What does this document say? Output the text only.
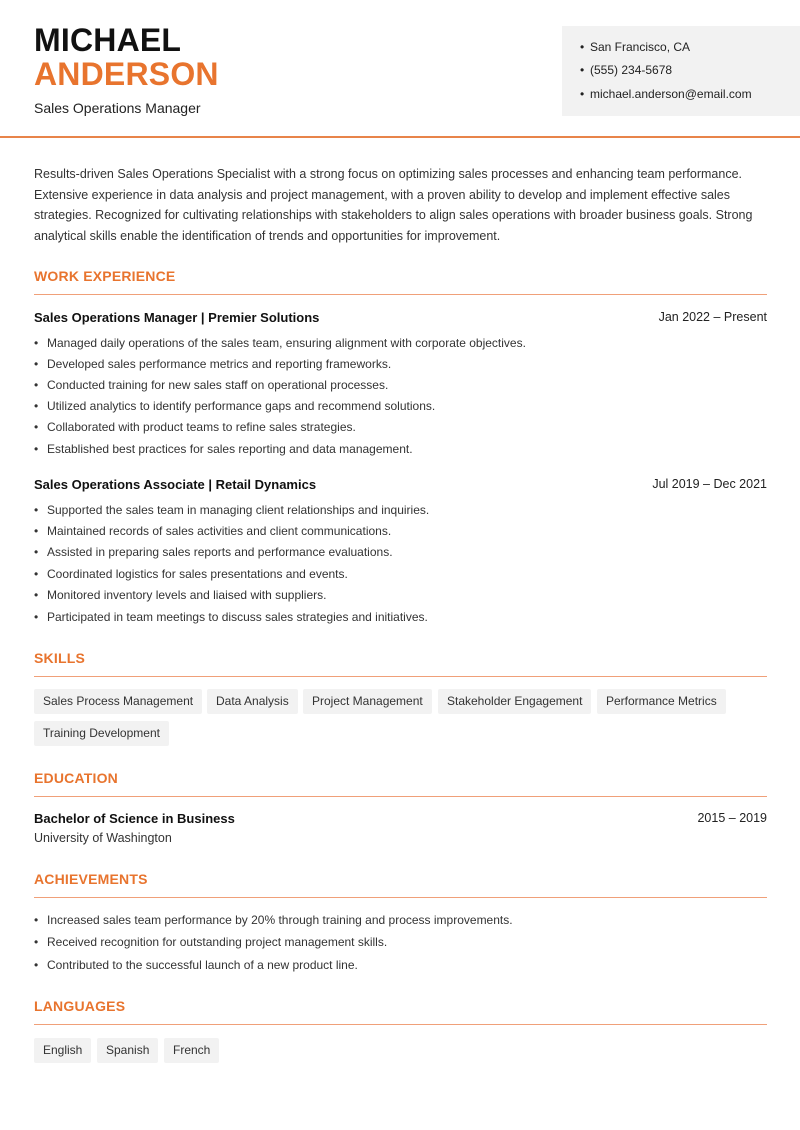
MICHAEL
ANDERSON
Sales Operations Manager
• San Francisco, CA
• (555) 234-5678
• michael.anderson@email.com
Results-driven Sales Operations Specialist with a strong focus on optimizing sales processes and enhancing team performance. Extensive experience in data analysis and project management, with a proven ability to develop and implement effective sales strategies. Recognized for cultivating relationships with stakeholders to align sales operations with broader business goals. Strong analytical skills enable the identification of trends and opportunities for improvement.
WORK EXPERIENCE
Sales Operations Manager | Premier Solutions	Jan 2022 – Present
• Managed daily operations of the sales team, ensuring alignment with corporate objectives.
• Developed sales performance metrics and reporting frameworks.
• Conducted training for new sales staff on operational processes.
• Utilized analytics to identify performance gaps and recommend solutions.
• Collaborated with product teams to refine sales strategies.
• Established best practices for sales reporting and data management.
Sales Operations Associate | Retail Dynamics	Jul 2019 – Dec 2021
• Supported the sales team in managing client relationships and inquiries.
• Maintained records of sales activities and client communications.
• Assisted in preparing sales reports and performance evaluations.
• Coordinated logistics for sales presentations and events.
• Monitored inventory levels and liaised with suppliers.
• Participated in team meetings to discuss sales strategies and initiatives.
SKILLS
Sales Process Management	Data Analysis	Project Management	Stakeholder Engagement	Performance Metrics
Training Development
EDUCATION
Bachelor of Science in Business	2015 – 2019
University of Washington
ACHIEVEMENTS
• Increased sales team performance by 20% through training and process improvements.
• Received recognition for outstanding project management skills.
• Contributed to the successful launch of a new product line.
LANGUAGES
English	Spanish	French
